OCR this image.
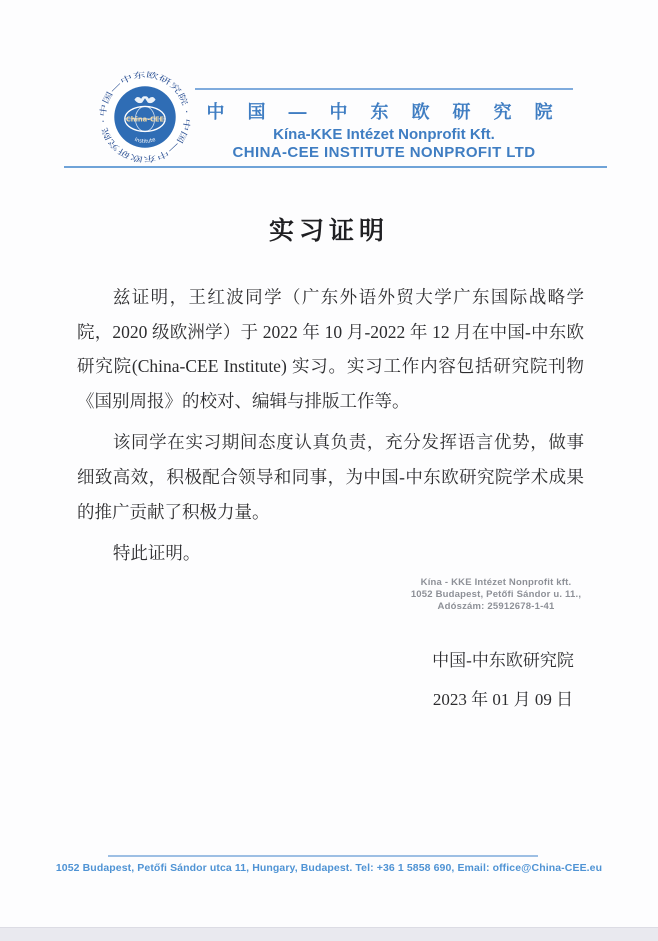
中国—中东欧研究院 · 中国—中东欧研究院 ·	China-CEE
Institute
中 国 — 中 东 欧 研 究 院
Kína-KKE Intézet Nonprofit Kft.
CHINA-CEE INSTITUTE NONPROFIT LTD
实习证明

兹证明，王红波同学（广东外语外贸大学广东国际战略学院，2020 级欧洲学）于 2022 年 10 月-2022 年 12 月在中国-中东欧研究院(China-CEE Institute) 实习。实习工作内容包括研究院刊物《国别周报》的校对、编辑与排版工作等。

该同学在实习期间态度认真负责，充分发挥语言优势，做事细致高效，积极配合领导和同事，为中国-中东欧研究院学术成果的推广贡献了积极力量。

特此证明。

Kína - KKE Intézet Nonprofit kft.
1052 Budapest, Petőfi Sándor u. 11.,
Adószám: 25912678-1-41
中国-中东欧研究院
2023 年 01 月 09 日
1052 Budapest, Petőfi Sándor utca 11, Hungary, Budapest. Tel: +36 1 5858 690, Email: office@China-CEE.eu
